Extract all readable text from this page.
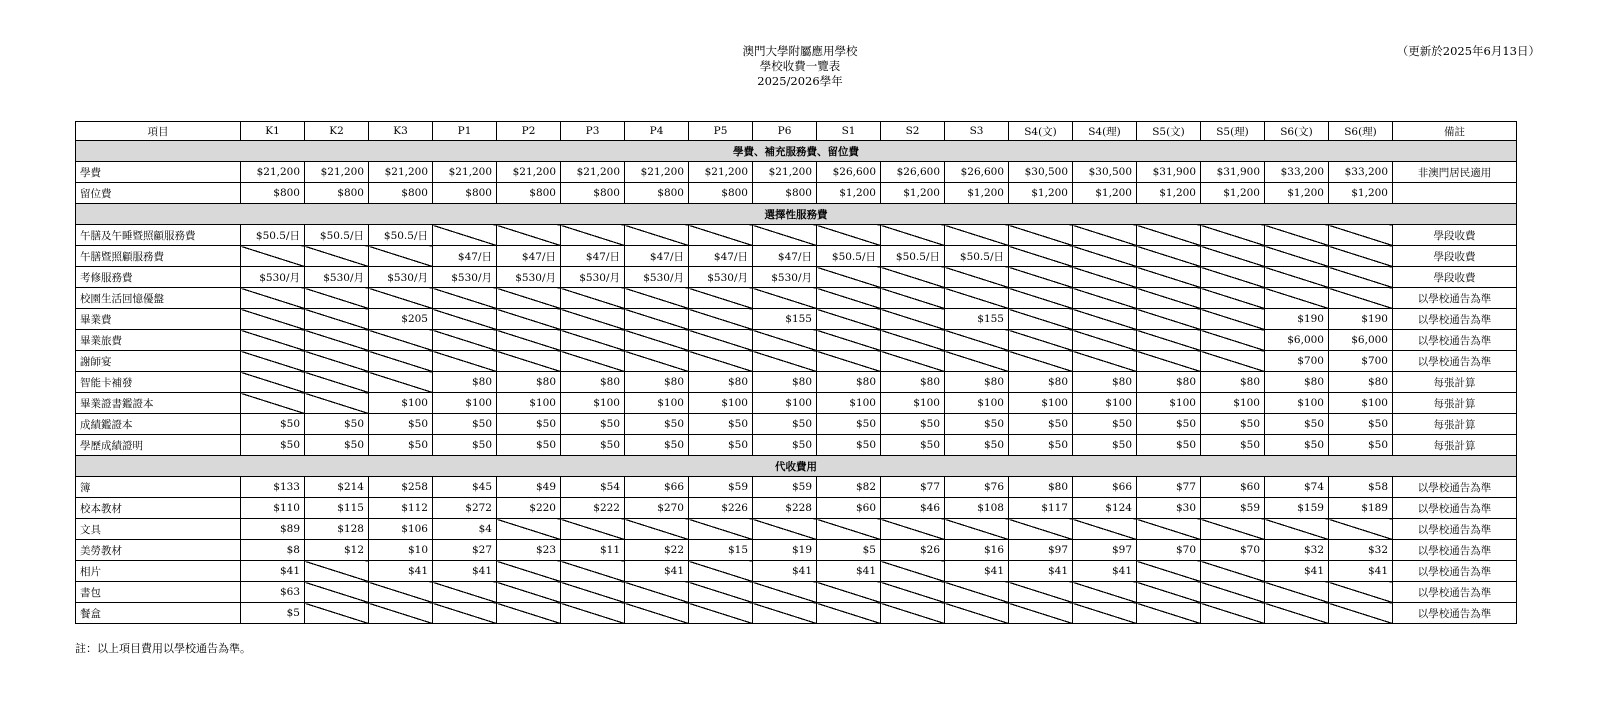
澳門大學附屬應用學校
學校收費一覽表
2025/2026學年
（更新於2025年6月13日）
項目	K1	K2	K3	P1	P2	P3	P4	P5	P6	S1	S2	S3	S4(文)	S4(理)	S5(文)	S5(理)	S6(文)	S6(理)	備註
學費、補充服務費、留位費																			
學費	$21,200	$21,200	$21,200	$21,200	$21,200	$21,200	$21,200	$21,200	$21,200	$26,600	$26,600	$26,600	$30,500	$30,500	$31,900	$31,900	$33,200	$33,200	非澳門居民適用
留位費	$800	$800	$800	$800	$800	$800	$800	$800	$800	$1,200	$1,200	$1,200	$1,200	$1,200	$1,200	$1,200	$1,200	$1,200	
選擇性服務費																			
午膳及午睡暨照顧服務費	$50.5/日	$50.5/日	$50.5/日																學段收費
午膳暨照顧服務費				$47/日	$47/日	$47/日	$47/日	$47/日	$47/日	$50.5/日	$50.5/日	$50.5/日							學段收費
考修服務費	$530/月	$530/月	$530/月	$530/月	$530/月	$530/月	$530/月	$530/月	$530/月										學段收費
校園生活回憶優盤																			以學校通告為準
畢業費			$205						$155			$155					$190	$190	以學校通告為準
畢業旅費																	$6,000	$6,000	以學校通告為準
謝師宴																	$700	$700	以學校通告為準
智能卡補發				$80	$80	$80	$80	$80	$80	$80	$80	$80	$80	$80	$80	$80	$80	$80	每張計算
畢業證書鑑證本			$100	$100	$100	$100	$100	$100	$100	$100	$100	$100	$100	$100	$100	$100	$100	$100	每張計算
成績鑑證本	$50	$50	$50	$50	$50	$50	$50	$50	$50	$50	$50	$50	$50	$50	$50	$50	$50	$50	每張計算
學歷成績證明	$50	$50	$50	$50	$50	$50	$50	$50	$50	$50	$50	$50	$50	$50	$50	$50	$50	$50	每張計算
代收費用																			
簿	$133	$214	$258	$45	$49	$54	$66	$59	$59	$82	$77	$76	$80	$66	$77	$60	$74	$58	以學校通告為準
校本教材	$110	$115	$112	$272	$220	$222	$270	$226	$228	$60	$46	$108	$117	$124	$30	$59	$159	$189	以學校通告為準
文具	$89	$128	$106	$4															以學校通告為準
美勞教材	$8	$12	$10	$27	$23	$11	$22	$15	$19	$5	$26	$16	$97	$97	$70	$70	$32	$32	以學校通告為準
相片	$41		$41	$41			$41		$41	$41		$41	$41	$41			$41	$41	以學校通告為準
書包	$63																		以學校通告為準
餐盒	$5																		以學校通告為準
註：以上項目費用以學校通告為準。
